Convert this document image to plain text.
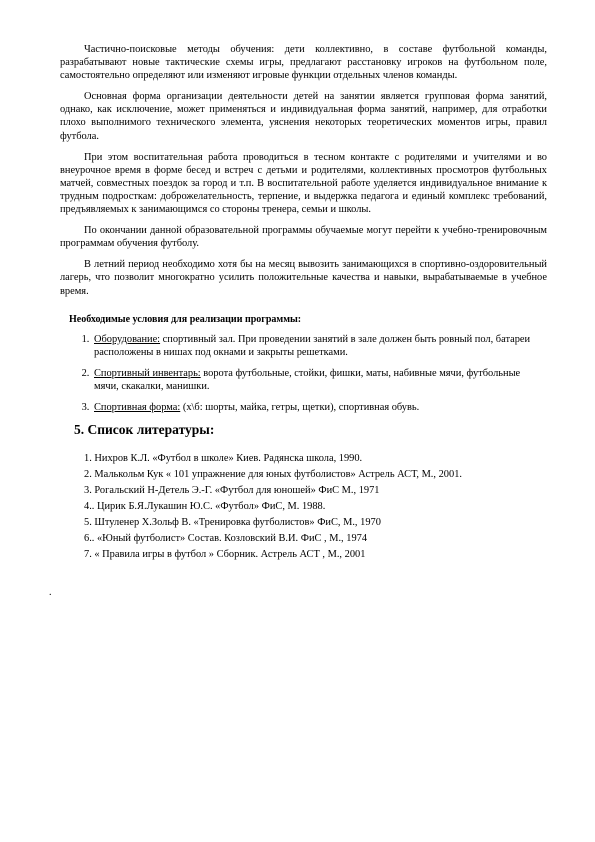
Частично-поисковые методы обучения: дети коллективно, в составе футбольной команды, разрабатывают новые тактические схемы игры, предлагают расстановку игроков на футбольном поле, самостоятельно определяют или изменяют игровые функции отдельных членов команды.

Основная форма организации деятельности детей на занятии является групповая форма занятий, однако, как исключение, может применяться и индивидуальная форма занятий, например, для отработки плохо выполнимого технического элемента, уяснения некоторых теоретических моментов игры, правил футбола.

При этом воспитательная работа проводиться в тесном контакте с родителями и учителями и во внеурочное время в форме бесед и встреч с детьми и родителями, коллективных просмотров футбольных матчей, совместных поездок за город и т.п. В воспитательной работе уделяется индивидуальное внимание к трудным подросткам: доброжелательность, терпение, и выдержка педагога и единый комплекс требований, предъявляемых к занимающимся со стороны тренера, семьи и школы.

По окончании данной образовательной программы обучаемые могут перейти к учебно-тренировочным программам обучения футболу.

В летний период необходимо хотя бы на месяц вывозить занимающихся в спортивно-оздоровительный лагерь, что позволит многократно усилить положительные качества и навыки, вырабатываемые в учебное время.

Необходимые условия для реализации программы:
1. Оборудование: спортивный зал. При проведении занятий в зале должен быть ровный пол, батареи расположены в нишах под окнами и закрыты решетками.
2. Спортивный инвентарь: ворота футбольные, стойки, фишки, маты, набивные мячи, футбольные мячи, скакалки, манишки.
3. Спортивная форма: (х\б: шорты, майка, гетры, щетки), спортивная обувь.
5. Список литературы:
1. Нихров К.Л. «Футбол в школе» Киев. Радянска школа, 1990.
2. Малькольм Кук « 101 упражнение для юных футболистов» Астрель АСТ, М., 2001.
3. Рогальский Н-Детель Э.-Г. «Футбол для юношей» ФиС М., 1971
4.. Цирик Б.Я.Лукашин Ю.С. «Футбол» ФиС, М. 1988.
5. Штуленер Х.Зольф В. «Тренировка футболистов» ФиС, М., 1970
6.. «Юный футболист» Состав. Козловский В.И. ФиС , М., 1974
7. « Правила игры в футбол » Сборник. Астрель АСТ , М., 2001
.
